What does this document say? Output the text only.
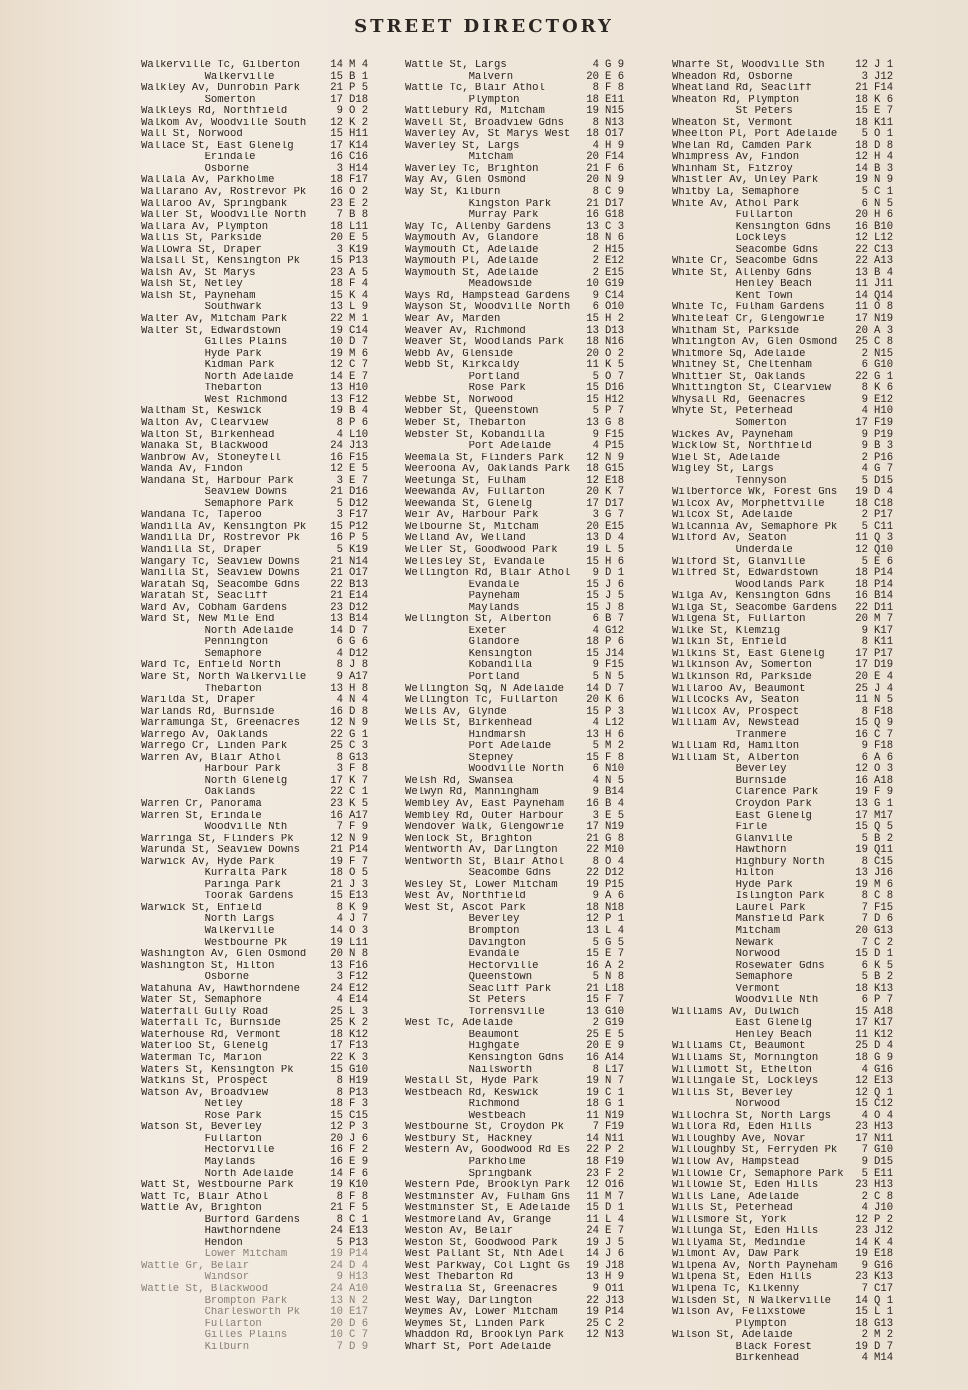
STREET DIRECTORY
Walkerville Tc, Gilberton	14 M 4
Walkerville	15 B 1
Walkley Av, Dunrobin Park	21 P 5
Somerton	17 D18
Walkleys Rd, Northfield	9 O 2
Walkom Av, Woodville South	12 K 2
Wall St, Norwood	15 H11
Wallace St, East Glenelg	17 K14
Erindale	16 C16
Osborne	3 H14
Wallala Av, Parkholme	18 F17
Wallarano Av, Rostrevor Pk	16 O 2
Wallaroo Av, Springbank	23 E 2
Waller St, Woodville North	7 B 8
Wallara Av, Plympton	18 L11
Wallis St, Parkside	20 E 5
Wallowra St, Draper	3 K19
Walsall St, Kensington Pk	15 P13
Walsh Av, St Marys	23 A 5
Walsh St, Netley	18 F 4
Walsh St, Payneham	15 K 4
Southwark	13 L 9
Walter Av, Mitcham Park	22 M 1
Walter St, Edwardstown	19 C14
Gilles Plains	10 D 7
Hyde Park	19 M 6
Kidman Park	12 C 7
North Adelaide	14 E 7
Thebarton	13 H10
West Richmond	13 F12
Waltham St, Keswick	19 B 4
Walton Av, Clearview	8 P 6
Walton St, Birkenhead	4 L10
Wanaka St, Blackwood	24 J13
Wanbrow Av, Stoneyfell	16 F15
Wanda Av, Findon	12 E 5
Wandana St, Harbour Park	3 E 7
Seaview Downs	21 D16
Semaphore Park	5 D12
Wandana Tc, Taperoo	3 F17
Wandilla Av, Kensington Pk	15 P12
Wandilla Dr, Rostrevor Pk	16 P 5
Wandilla St, Draper	5 K19
Wangary Tc, Seaview Downs	21 N14
Wanilla St, Seaview Downs	21 O17
Waratah Sq, Seacombe Gdns	22 B13
Waratah St, Seacliff	21 E14
Ward Av, Cobham Gardens	23 D12
Ward St, New Mile End	13 B14
North Adelaide	14 D 7
Pennington	6 G 6
Semaphore	4 D12
Ward Tc, Enfield North	8 J 8
Ware St, North Walkerville	9 A17
Thebarton	13 H 8
Warilda St, Draper	4 N 4
Warlands Rd, Burnside	16 D 8
Warramunga St, Greenacres	12 N 9
Warrego Av, Oaklands	22 G 1
Warrego Cr, Linden Park	25 C 3
Warren Av, Blair Athol	8 G13
Harbour Park	3 F 8
North Glenelg	17 K 7
Oaklands	22 C 1
Warren Cr, Panorama	23 K 5
Warren St, Erindale	16 A17
Woodville Nth	7 F 9
Warringa St, Flinders Pk	12 N 9
Warunda St, Seaview Downs	21 P14
Warwick Av, Hyde Park	19 F 7
Kurralta Park	18 O 5
Paringa Park	21 J 3
Toorak Gardens	15 E13
Warwick St, Enfield	8 K 9
North Largs	4 J 7
Walkerville	14 O 3
Westbourne Pk	19 L11
Washington Av, Glen Osmond	20 N 8
Washington St, Hilton	13 F16
Osborne	3 F12
Watahuna Av, Hawthorndene	24 E12
Water St, Semaphore	4 E14
Waterfall Gully Road	25 L 3
Waterfall Tc, Burnside	25 K 2
Waterhouse Rd, Vermont	18 K12
Waterloo St, Glenelg	17 F13
Waterman Tc, Marion	22 K 3
Waters St, Kensington Pk	15 G10
Watkins St, Prospect	8 H19
Watson Av, Broadview	8 P13
Netley	18 F 3
Rose Park	15 C15
Watson St, Beverley	12 P 3
Fullarton	20 J 6
Hectorville	16 F 2
Maylands	16 E 9
North Adelaide	14 F 6
Watt St, Westbourne Park	19 K10
Watt Tc, Blair Athol	8 F 8
Wattle Av, Brighton	21 F 5
Burford Gardens	8 C 1
Hawthorndene	24 E13
Hendon	5 P13
Lower Mitcham	19 P14
Wattle Gr, Belair	24 D 4
Windsor	9 H13
Wattle St, Blackwood	24 A10
Brompton Park	13 N 2
Charlesworth Pk	10 E17
Fullarton	20 D 6
Gilles Plains	10 C 7
Kilburn	7 D 9
Wattle St, Largs	4 G 9
Malvern	20 E 6
Wattle Tc, Blair Athol	8 F 8
Plympton	18 E11
Wattlebury Rd, Mitcham	19 N15
Wavell St, Broadview Gdns	8 N13
Waverley Av, St Marys West	18 O17
Waverley St, Largs	4 H 9
Mitcham	20 F14
Waverley Tc, Brighton	21 F 6
Way Av, Glen Osmond	20 N 9
Way St, Kilburn	8 C 9
Kingston Park	21 D17
Murray Park	16 G18
Way Tc, Allenby Gardens	13 C 3
Waymouth Av, Glandore	18 N 6
Waymouth Ct, Adelaide	2 H15
Waymouth Pl, Adelaide	2 E12
Waymouth St, Adelaide	2 E15
Meadowside	10 G19
Ways Rd, Hampstead Gardens	9 C14
Wayson St, Woodville North	6 O10
Wear Av, Marden	15 H 2
Weaver Av, Richmond	13 D13
Weaver St, Woodlands Park	18 N16
Webb Av, Glenside	20 O 2
Webb St, Kirkcaldy	11 K 5
Portland	5 O 7
Rose Park	15 D16
Webbe St, Norwood	15 H12
Webber St, Queenstown	5 P 7
Weber St, Thebarton	13 G 8
Webster St, Kobandilla	9 F15
Port Adelaide	4 P15
Weemala St, Flinders Park	12 N 9
Weeroona Av, Oaklands Park	18 G15
Weetunga St, Fulham	12 E18
Weewanda Av, Fullarton	20 K 7
Weewanda St, Glenelg	17 D17
Weir Av, Harbour Park	3 G 7
Welbourne St, Mitcham	20 E15
Welland Av, Welland	13 D 4
Weller St, Goodwood Park	19 L 5
Wellesley St, Evandale	15 H 6
Wellington Rd, Blair Athol	9 D 1
Evandale	15 J 6
Payneham	15 J 5
Maylands	15 J 8
Wellington St, Alberton	6 B 7
Exeter	4 G12
Glandore	18 P 6
Kensington	15 J14
Kobandilla	9 F15
Portland	5 N 5
Wellington Sq, N Adelaide	14 D 7
Wellington Tc, Fullarton	20 K 6
Wells Av, Glynde	15 P 3
Wells St, Birkenhead	4 L12
Hindmarsh	13 H 6
Port Adelaide	5 M 2
Stepney	15 F 8
Woodville North	6 N10
Welsh Rd, Swansea	4 N 5
Welwyn Rd, Manningham	9 B14
Wembley Av, East Payneham	16 B 4
Wembley Rd, Outer Harbour	3 E 5
Wendover Walk, Glengowrie	17 N19
Wenlock St, Brighton	21 G 8
Wentworth Av, Darlington	22 M10
Wentworth St, Blair Athol	8 O 4
Seacombe Gdns	22 D12
Wesley St, Lower Mitcham	19 P15
West Av, Northfield	9 A 6
West St, Ascot Park	18 N18
Beverley	12 P 1
Brompton	13 L 4
Davington	5 G 5
Evandale	15 E 7
Hectorville	16 A 2
Queenstown	5 N 8
Seacliff Park	21 L18
St Peters	15 F 7
Torrensville	13 G10
West Tc, Adelaide	2 G19
Beaumont	25 E 5
Highgate	20 E 9
Kensington Gdns	16 A14
Nailsworth	8 L17
Westall St, Hyde Park	19 N 7
Westbeach Rd, Keswick	19 C 1
Richmond	18 G 1
Westbeach	11 N19
Westbourne St, Croydon Pk	7 F19
Westbury St, Hackney	14 N11
Western Av, Goodwood Rd Es	22 P 2
Parkholme	18 F19
Springbank	23 F 2
Western Pde, Brooklyn Park	12 O16
Westminster Av, Fulham Gns	11 M 7
Westminster St, E Adelaide	15 D 1
Westmoreland Av, Grange	11 L 4
Weston Av, Belair	24 E 7
Weston St, Goodwood Park	19 J 5
West Pallant St, Nth Adel	14 J 6
West Parkway, Col Light Gs	19 J18
West Thebarton Rd	13 H 9
Westralia St, Greenacres	9 O11
West Way, Darlington	22 J13
Weymes Av, Lower Mitcham	19 P14
Weymes St, Linden Park	25 C 2
Whaddon Rd, Brooklyn Park	12 N13
Wharf St, Port Adelaide
Wharfe St, Woodville Sth	12 J 1
Wheadon Rd, Osborne	3 J12
Wheatland Rd, Seacliff	21 F14
Wheaton Rd, Plympton	18 K 6
St Peters	15 E 7
Wheaton St, Vermont	18 K11
Wheelton Pl, Port Adelaide	5 O 1
Whelan Rd, Camden Park	18 D 8
Whimpress Av, Findon	12 H 4
Whinham St, Fitzroy	14 B 3
Whistler Av, Unley Park	19 N 9
Whitby La, Semaphore	5 C 1
White Av, Athol Park	6 N 5
Fullarton	20 H 6
Kensington Gdns	16 B10
Lockleys	12 L12
Seacombe Gdns	22 C13
White Cr, Seacombe Gdns	22 A13
White St, Allenby Gdns	13 B 4
Henley Beach	11 J11
Kent Town	14 Q14
White Tc, Fulham Gardens	11 O 8
Whiteleaf Cr, Glengowrie	17 N19
Whitham St, Parkside	20 A 3
Whitington Av, Glen Osmond	25 C 8
Whitmore Sq, Adelaide	2 N15
Whitney St, Cheltenham	6 G10
Whittier St, Oaklands	22 G 1
Whittington St, Clearview	8 K 6
Whysall Rd, Geenacres	9 E12
Whyte St, Peterhead	4 H10
Somerton	17 F19
Wickes Av, Payneham	9 P19
Wicklow St, Northfield	9 B 3
Wiel St, Adelaide	2 P16
Wigley St, Largs	4 G 7
Tennyson	5 D15
Wilberforce Wk, Forest Gns	19 D 4
Wilcox Av, Morphettville	18 C18
Wilcox St, Adelaide	2 P17
Wilcannia Av, Semaphore Pk	5 C11
Wilford Av, Seaton	11 Q 3
Underdale	12 Q10
Wilford St, Glanville	5 E 6
Wilfred St, Edwardstown	18 P14
Woodlands Park	18 P14
Wilga Av, Kensington Gdns	16 B14
Wilga St, Seacombe Gardens	22 D11
Wilgena St, Fullarton	20 M 7
Wilke St, Klemzig	9 K17
Wilkin St, Enfield	8 K11
Wilkins St, East Glenelg	17 P17
Wilkinson Av, Somerton	17 D19
Wilkinson Rd, Parkside	20 E 4
Willaroo Av, Beaumont	25 J 4
Willcocks Av, Seaton	11 N 5
Willcox Av, Prospect	8 F18
William Av, Newstead	15 Q 9
Tranmere	16 C 7
William Rd, Hamilton	9 F18
William St, Alberton	6 A 6
Beverley	12 O 3
Burnside	16 A18
Clarence Park	19 F 9
Croydon Park	13 G 1
East Glenelg	17 M17
Firle	15 Q 5
Glanville	5 B 2
Hawthorn	19 Q11
Highbury North	8 C15
Hilton	13 J16
Hyde Park	19 M 6
Islington Park	8 C 8
Laurel Park	7 F15
Mansfield Park	7 D 6
Mitcham	20 G13
Newark	7 C 2
Norwood	15 D 1
Rosewater Gdns	6 K 5
Semaphore	5 B 2
Vermont	18 K13
Woodville Nth	6 P 7
Williams Av, Dulwich	15 A18
East Glenelg	17 K17
Henley Beach	11 K12
Williams Ct, Beaumont	25 D 4
Williams St, Mornington	18 G 9
Willimott St, Ethelton	4 G16
Willingale St, Lockleys	12 E13
Willis St, Beverley	12 Q 1
Norwood	15 C12
Willochra St, North Largs	4 O 4
Willora Rd, Eden Hills	23 H13
Willoughby Ave, Novar	17 N11
Willoughby St, Ferryden Pk	7 G10
Willow Av, Hampstead	9 D15
Willowie Cr, Semaphore Park	5 E11
Willowie St, Eden Hills	23 H13
Wills Lane, Adelaide	2 C 8
Wills St, Peterhead	4 J10
Willsmore St, York	12 P 2
Willunga St, Eden Hills	23 J12
Willyama St, Medindie	14 K 4
Wilmont Av, Daw Park	19 E18
Wilpena Av, North Payneham	9 G16
Wilpena St, Eden Hills	23 K13
Wilpena Tc, Kilkenny	7 C17
Wilsden St, N Walkerville	14 Q 1
Wilson Av, Felixstowe	15 L 1
Plympton	18 G13
Wilson St, Adelaide	2 M 2
Black Forest	19 D 7
Birkenhead	4 M14
